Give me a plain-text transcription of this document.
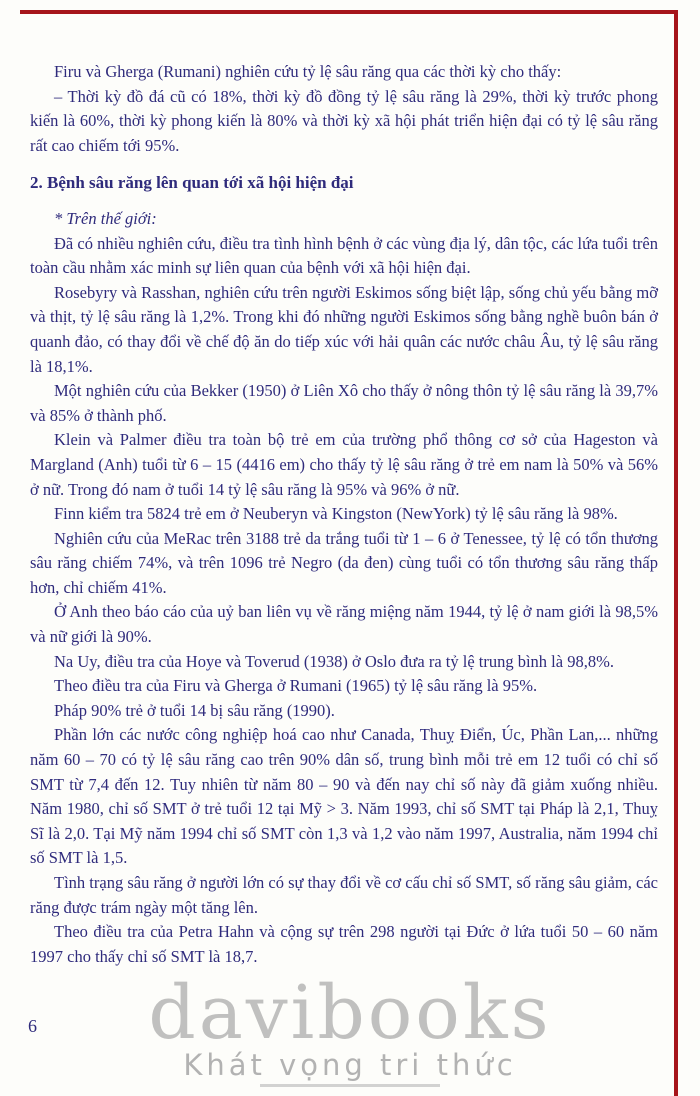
Firu và Gherga (Rumani) nghiên cứu tỷ lệ sâu răng qua các thời kỳ cho thấy:

– Thời kỳ đồ đá cũ có 18%, thời kỳ đồ đồng tỷ lệ sâu răng là 29%, thời kỳ trước phong kiến là 60%, thời kỳ phong kiến là 80% và thời kỳ xã hội phát triển hiện đại có tỷ lệ sâu răng rất cao chiếm tới 95%.

2. Bệnh sâu răng lên quan tới xã hội hiện đại

* Trên thế giới:

Đã có nhiều nghiên cứu, điều tra tình hình bệnh ở các vùng địa lý, dân tộc, các lứa tuổi trên toàn cầu nhằm xác minh sự liên quan của bệnh với xã hội hiện đại.

Rosebyry và Rasshan, nghiên cứu trên người Eskimos sống biệt lập, sống chủ yếu bằng mỡ và thịt, tỷ lệ sâu răng là 1,2%. Trong khi đó những người Eskimos sống bằng nghề buôn bán ở quanh đảo, có thay đổi về chế độ ăn do tiếp xúc với hải quân các nước châu Âu, tỷ lệ sâu răng là 18,1%.

Một nghiên cứu của Bekker (1950) ở Liên Xô cho thấy ở nông thôn tỷ lệ sâu răng là 39,7% và 85% ở thành phố.

Klein và Palmer điều tra toàn bộ trẻ em của trường phổ thông cơ sở của Hageston và Margland (Anh) tuổi từ 6 – 15 (4416 em) cho thấy tỷ lệ sâu răng ở trẻ em nam là 50% và 56% ở nữ. Trong đó nam ở tuổi 14 tỷ lệ sâu răng là 95% và 96% ở nữ.

Finn kiểm tra 5824 trẻ em ở Neuberyn và Kingston (NewYork) tỷ lệ sâu răng là 98%.

Nghiên cứu của MeRac trên 3188 trẻ da trắng tuổi từ 1 – 6 ở Tenessee, tỷ lệ có tổn thương sâu răng chiếm 74%, và trên 1096 trẻ Negro (da đen) cùng tuổi có tổn thương sâu răng thấp hơn, chỉ chiếm 41%.

Ở Anh theo báo cáo của uỷ ban liên vụ về răng miệng năm 1944, tỷ lệ ở nam giới là 98,5% và nữ giới là 90%.

Na Uy, điều tra của Hoye và Toverud (1938) ở Oslo đưa ra tỷ lệ trung bình là 98,8%.

Theo điều tra của Firu và Gherga ở Rumani (1965) tỷ lệ sâu răng là 95%.

Pháp 90% trẻ ở tuổi 14 bị sâu răng (1990).

Phần lớn các nước công nghiệp hoá cao như Canada, Thuỵ Điển, Úc, Phần Lan,... những năm 60 – 70 có tỷ lệ sâu răng cao trên 90% dân số, trung bình mỗi trẻ em 12 tuổi có chỉ số SMT từ 7,4 đến 12. Tuy nhiên từ năm 80 – 90 và đến nay chỉ số này đã giảm xuống nhiều. Năm 1980, chỉ số SMT ở trẻ tuổi 12 tại Mỹ > 3. Năm 1993, chỉ số SMT tại Pháp là 2,1, Thuỵ Sĩ là 2,0. Tại Mỹ năm 1994 chỉ số SMT còn 1,3 và 1,2 vào năm 1997, Australia, năm 1994 chỉ số SMT là 1,5.

Tình trạng sâu răng ở người lớn có sự thay đổi về cơ cấu chỉ số SMT, số răng sâu giảm, các răng được trám ngày một tăng lên.

Theo điều tra của Petra Hahn và cộng sự trên 298 người tại Đức ở lứa tuổi 50 – 60 năm 1997 cho thấy chỉ số SMT là 18,7.

davibooks
Khát vọng tri thức
6
